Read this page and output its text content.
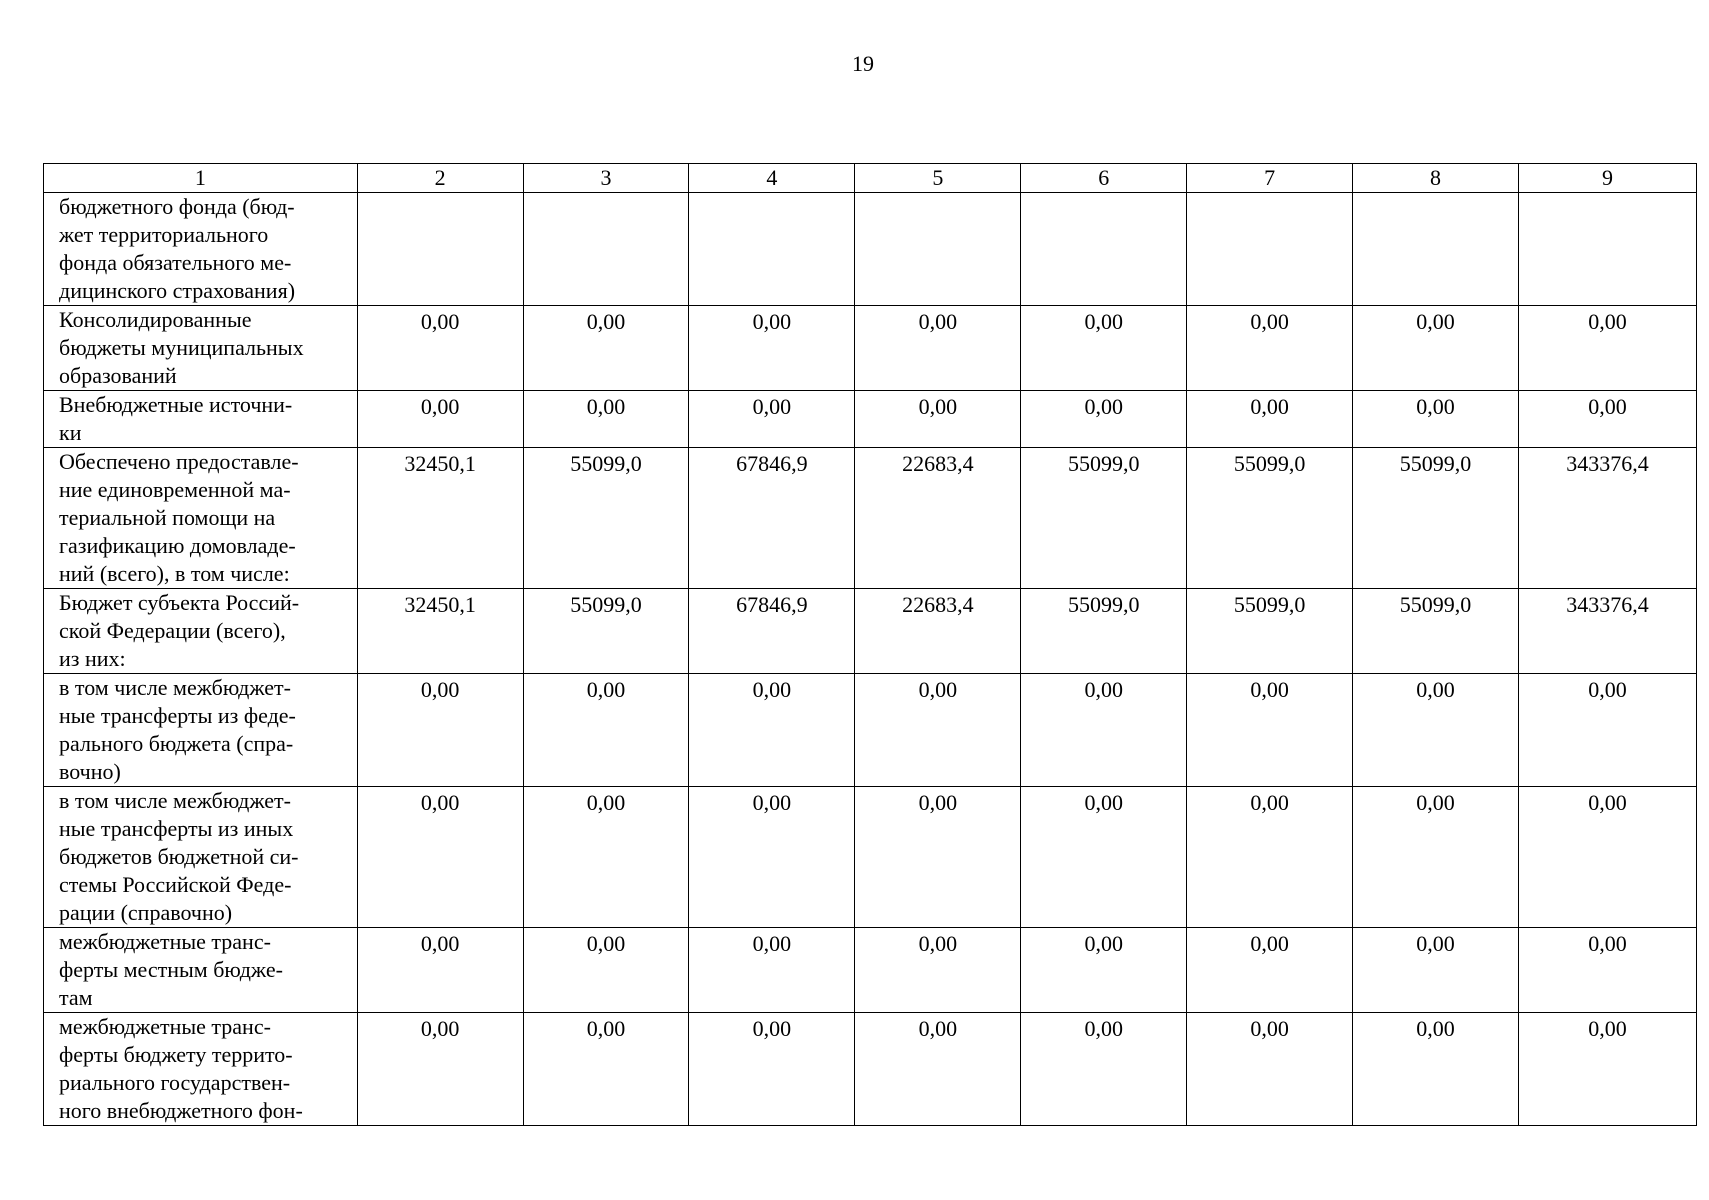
19
1	2	3	4	5	6	7	8	9

бюджетного фонда (бюд-
жет территориального
фонда обязательного ме-
дицинского страхования)								

Консолидированные
бюджеты муниципальных
образований	0,00	0,00	0,00	0,00	0,00	0,00	0,00	0,00

Внебюджетные источни-
ки	0,00	0,00	0,00	0,00	0,00	0,00	0,00	0,00

Обеспечено предоставле-
ние единовременной ма-
териальной помощи на
газификацию домовладе-
ний (всего), в том числе:	32450,1	55099,0	67846,9	22683,4	55099,0	55099,0	55099,0	343376,4

Бюджет субъекта Россий-
ской Федерации (всего),
из них:	32450,1	55099,0	67846,9	22683,4	55099,0	55099,0	55099,0	343376,4

в том числе межбюджет-
ные трансферты из феде-
рального бюджета (спра-
вочно)	0,00	0,00	0,00	0,00	0,00	0,00	0,00	0,00

в том числе межбюджет-
ные трансферты из иных
бюджетов бюджетной си-
стемы Российской Феде-
рации (справочно)	0,00	0,00	0,00	0,00	0,00	0,00	0,00	0,00

межбюджетные транс-
ферты местным бюдже-
там	0,00	0,00	0,00	0,00	0,00	0,00	0,00	0,00

межбюджетные транс-
ферты бюджету террито-
риального государствен-
ного внебюджетного фон-	0,00	0,00	0,00	0,00	0,00	0,00	0,00	0,00
